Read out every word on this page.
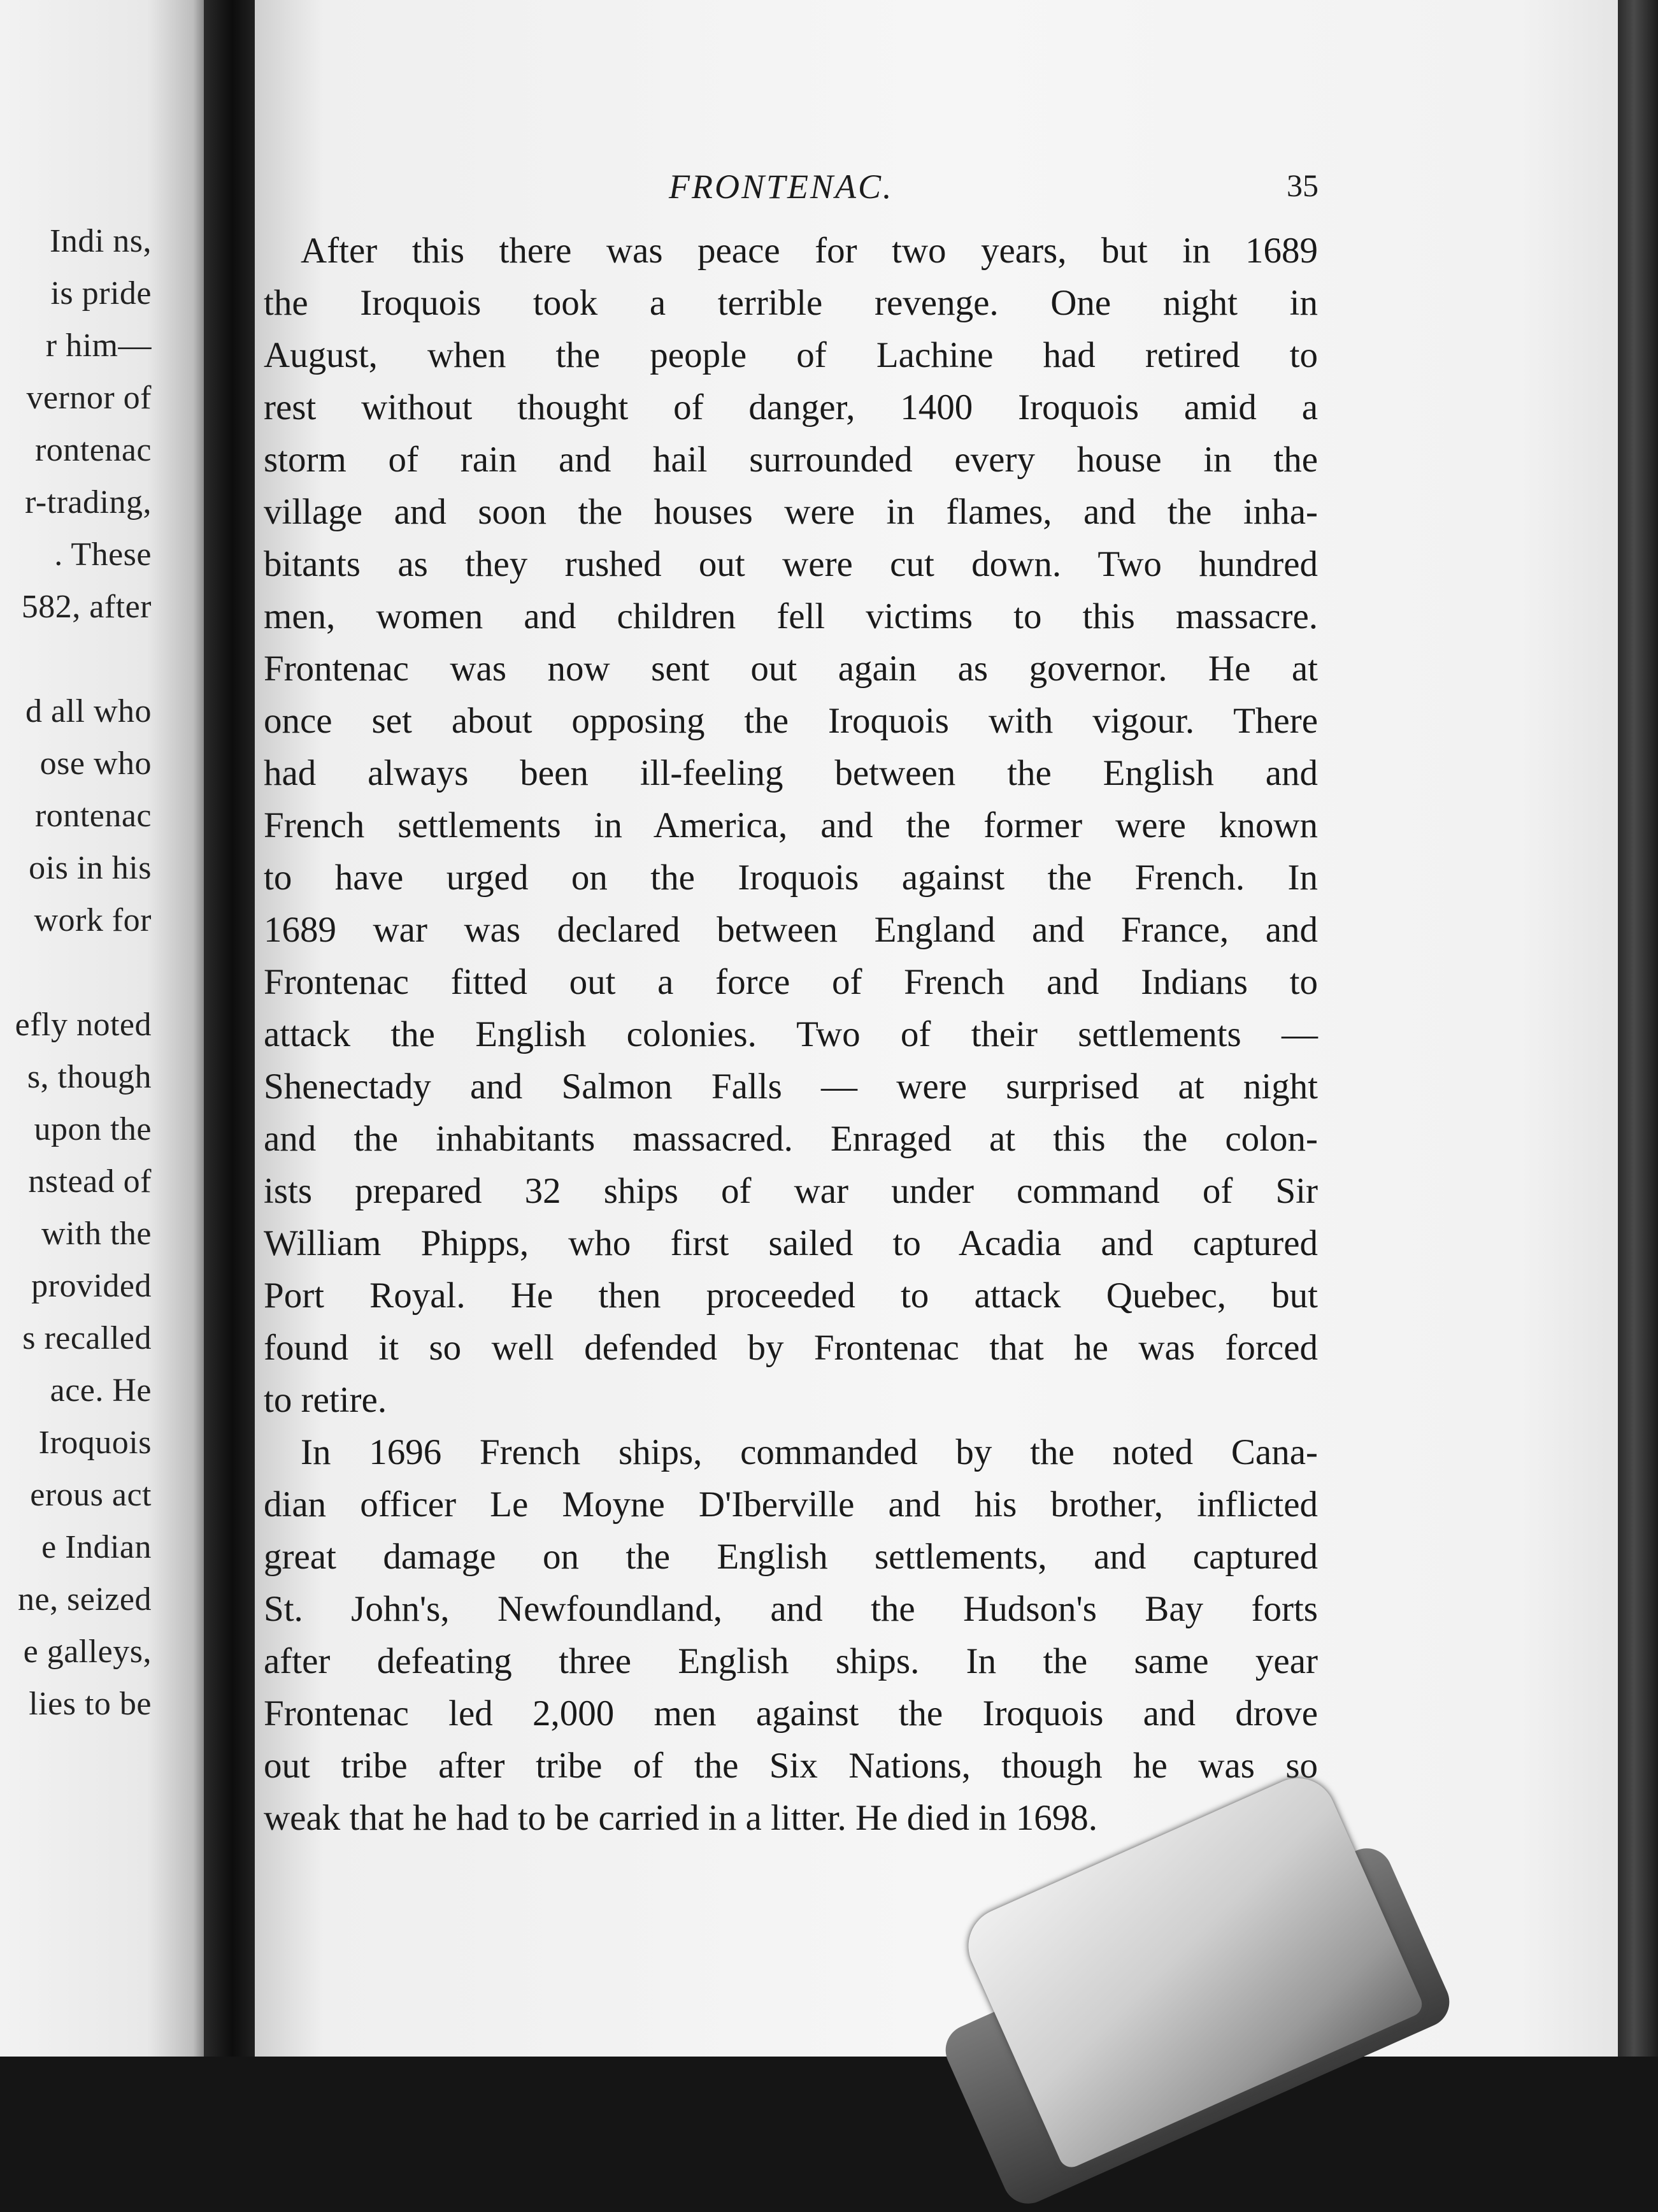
Indi ns,
is pride
r him—
vernor of
rontenac
r-trading,
. These
582, after
d all who
ose who
rontenac
ois in his
work for
efly noted
s, though
upon the
nstead of
with the
provided
s recalled
ace. He
Iroquois
erous act
e Indian
ne, seized
e galleys,
lies to be
FRONTENAC.	35
After this there was peace for two years, but in 1689
the Iroquois took a terrible revenge. One night in
August, when the people of Lachine had retired to
rest without thought of danger, 1400 Iroquois amid a
storm of rain and hail surrounded every house in the
village and soon the houses were in flames, and the inha-
bitants as they rushed out were cut down. Two hundred
men, women and children fell victims to this massacre.
Frontenac was now sent out again as governor. He at
once set about opposing the Iroquois with vigour. There
had always been ill-feeling between the English and
French settlements in America, and the former were known
to have urged on the Iroquois against the French. In
1689 war was declared between England and France, and
Frontenac fitted out a force of French and Indians to
attack the English colonies. Two of their settlements —
Shenectady and Salmon Falls — were surprised at night
and the inhabitants massacred. Enraged at this the colon-
ists prepared 32 ships of war under command of Sir
William Phipps, who first sailed to Acadia and captured
Port Royal. He then proceeded to attack Quebec, but
found it so well defended by Frontenac that he was forced
to retire.
In 1696 French ships, commanded by the noted Cana-
dian officer Le Moyne D'Iberville and his brother, inflicted
great damage on the English settlements, and captured
St. John's, Newfoundland, and the Hudson's Bay forts
after defeating three English ships. In the same year
Frontenac led 2,000 men against the Iroquois and drove
out tribe after tribe of the Six Nations, though he was so
weak that he had to be carried in a litter. He died in 1698.
